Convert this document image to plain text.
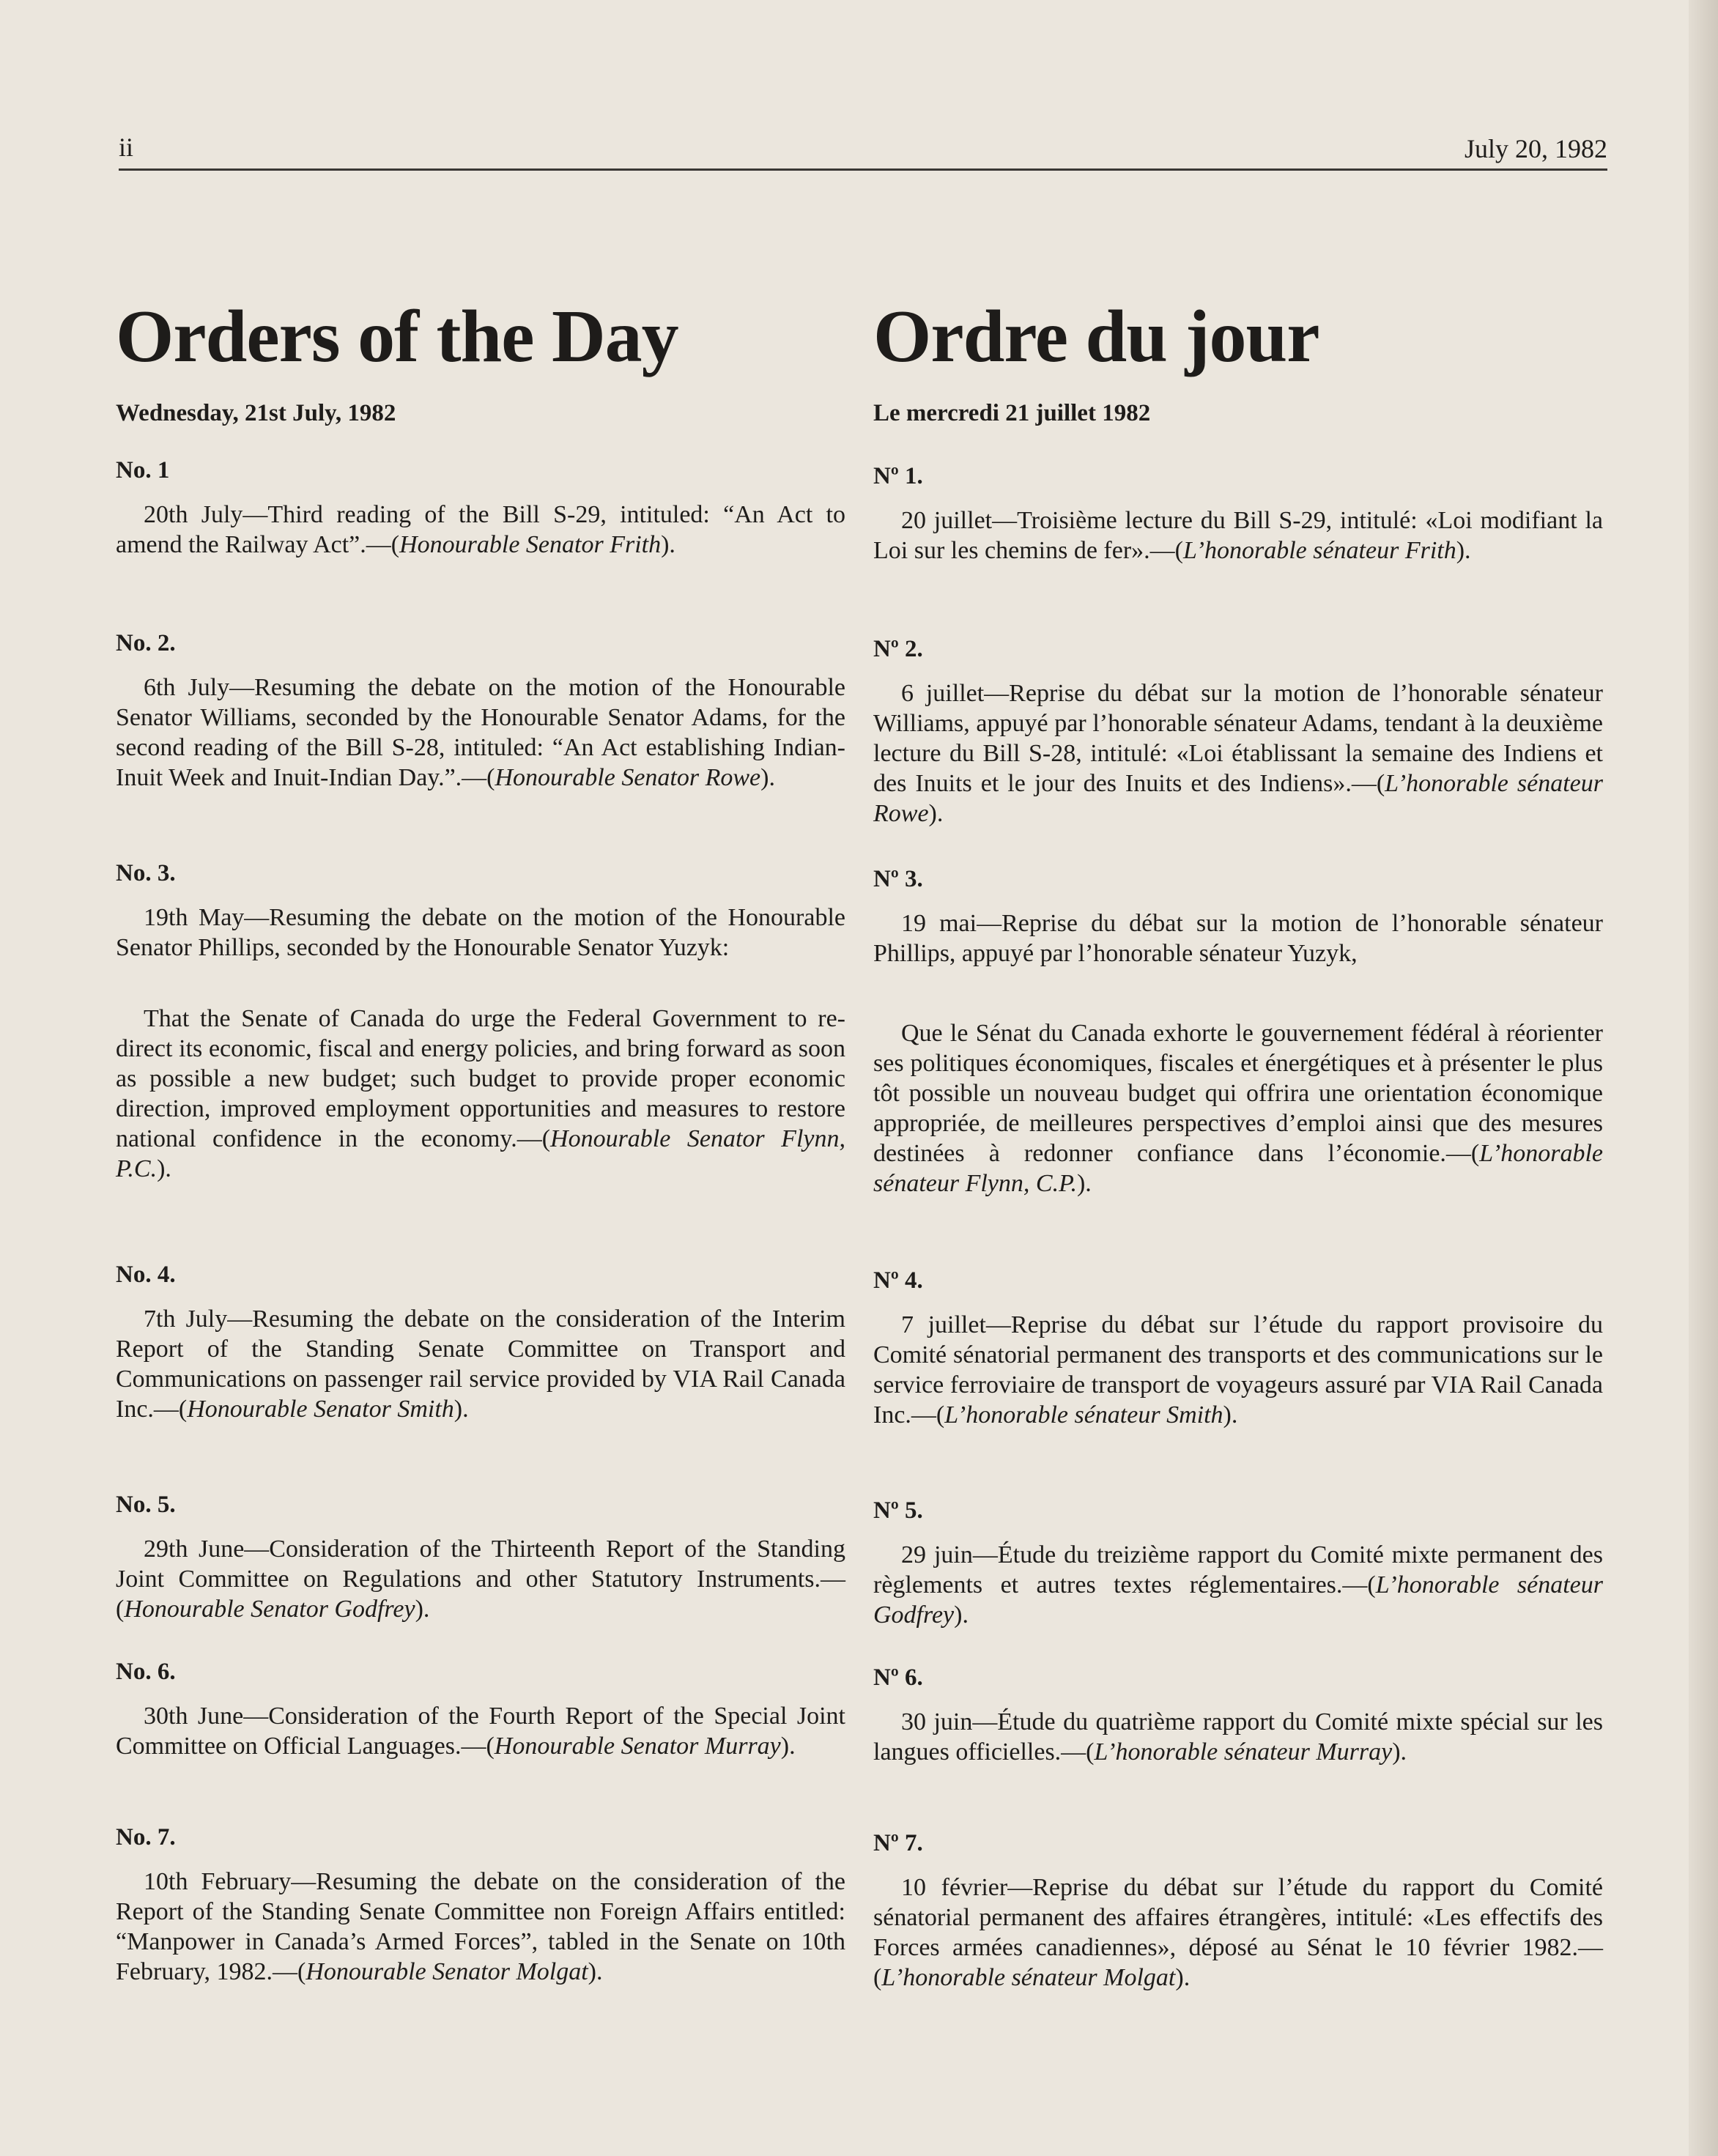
ii	July 20, 1982
Orders of the Day
Wednesday, 21st July, 1982
No. 1

20th July—Third reading of the Bill S-29, intituled: “An Act to amend the Railway Act”.—(Honourable Senator Frith).

No. 2.

6th July—Resuming the debate on the motion of the Honourable Senator Williams, seconded by the Honourable Senator Adams, for the second reading of the Bill S-28, intituled: “An Act establishing Indian-Inuit Week and Inuit-Indian Day.”.—(Honourable Senator Rowe).

No. 3.

19th May—Resuming the debate on the motion of the Honourable Senator Phillips, seconded by the Honourable Senator Yuzyk:

That the Senate of Canada do urge the Federal Government to re-direct its economic, fiscal and energy policies, and bring forward as soon as possible a new budget; such budget to provide proper economic direction, improved employment opportunities and measures to restore national confidence in the economy.—(Honourable Senator Flynn, P.C.).

No. 4.

7th July—Resuming the debate on the consideration of the Interim Report of the Standing Senate Committee on Transport and Communications on passenger rail service provided by VIA Rail Canada Inc.—(Honourable Senator Smith).

No. 5.

29th June—Consideration of the Thirteenth Report of the Standing Joint Committee on Regulations and other Statutory Instruments.—(Honourable Senator Godfrey).

No. 6.

30th June—Consideration of the Fourth Report of the Special Joint Committee on Official Languages.—(Honourable Senator Murray).

No. 7.

10th February—Resuming the debate on the consideration of the Report of the Standing Senate Committee non Foreign Affairs entitled: “Manpower in Canada’s Armed Forces”, tabled in the Senate on 10th February, 1982.—(Honourable Senator Molgat).

Ordre du jour
Le mercredi 21 juillet 1982
Nº 1.

20 juillet—Troisième lecture du Bill S-29, intitulé: «Loi modifiant la Loi sur les chemins de fer».—(L’honorable sénateur Frith).

Nº 2.

6 juillet—Reprise du débat sur la motion de l’honorable sénateur Williams, appuyé par l’honorable sénateur Adams, tendant à la deuxième lecture du Bill S-28, intitulé: «Loi établissant la semaine des Indiens et des Inuits et le jour des Inuits et des Indiens».—(L’honorable sénateur Rowe).

Nº 3.

19 mai—Reprise du débat sur la motion de l’honorable sénateur Phillips, appuyé par l’honorable sénateur Yuzyk,

Que le Sénat du Canada exhorte le gouvernement fédéral à réorienter ses politiques économiques, fiscales et énergétiques et à présenter le plus tôt possible un nouveau budget qui offrira une orientation économique appropriée, de meilleures perspectives d’emploi ainsi que des mesures destinées à redonner confiance dans l’économie.—(L’honorable sénateur Flynn, C.P.).

Nº 4.

7 juillet—Reprise du débat sur l’étude du rapport provisoire du Comité sénatorial permanent des transports et des communications sur le service ferroviaire de transport de voyageurs assuré par VIA Rail Canada Inc.—(L’honorable sénateur Smith).

Nº 5.

29 juin—Étude du treizième rapport du Comité mixte permanent des règlements et autres textes réglementaires.—(L’honorable sénateur Godfrey).

Nº 6.

30 juin—Étude du quatrième rapport du Comité mixte spécial sur les langues officielles.—(L’honorable sénateur Murray).

Nº 7.

10 février—Reprise du débat sur l’étude du rapport du Comité sénatorial permanent des affaires étrangères, intitulé: «Les effectifs des Forces armées canadiennes», déposé au Sénat le 10 février 1982.—(L’honorable sénateur Molgat).
